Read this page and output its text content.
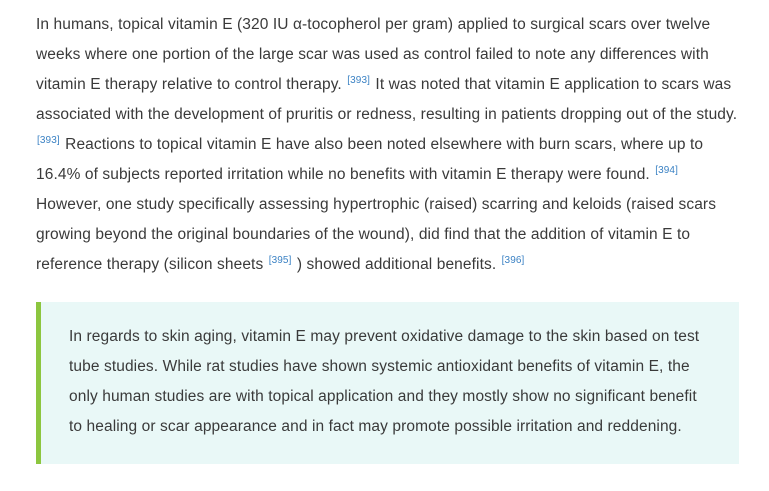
In humans, topical vitamin E (320 IU α-tocopherol per gram) applied to surgical scars over twelve weeks where one portion of the large scar was used as control failed to note any differences with vitamin E therapy relative to control therapy. [393] It was noted that vitamin E application to scars was associated with the development of pruritis or redness, resulting in patients dropping out of the study. [393] Reactions to topical vitamin E have also been noted elsewhere with burn scars, where up to 16.4% of subjects reported irritation while no benefits with vitamin E therapy were found. [394] However, one study specifically assessing hypertrophic (raised) scarring and keloids (raised scars growing beyond the original boundaries of the wound), did find that the addition of vitamin E to reference therapy (silicon sheets [395] ) showed additional benefits. [396]

In regards to skin aging, vitamin E may prevent oxidative damage to the skin based on test tube studies. While rat studies have shown systemic antioxidant benefits of vitamin E, the only human studies are with topical application and they mostly show no significant benefit to healing or scar appearance and in fact may promote possible irritation and reddening.
